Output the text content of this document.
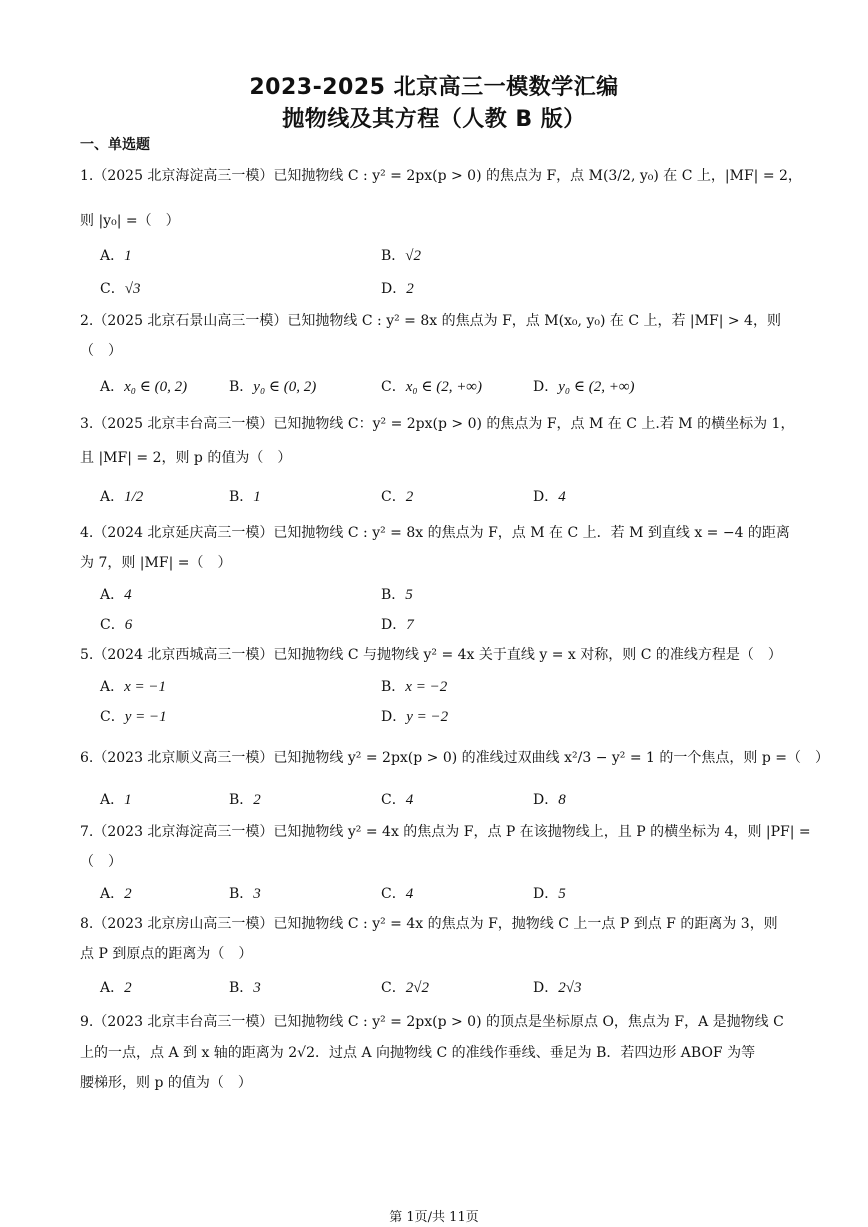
2023-2025 北京高三一模数学汇编
抛物线及其方程（人教 B 版）
一、单选题
1.（2025 北京海淀高三一模）已知抛物线 C : y² = 2px(p > 0) 的焦点为 F，点 M(3/2, y₀) 在 C 上，|MF| = 2，
则 |y₀| =（　）
A．1	B．√2
C．√3	D．2
2.（2025 北京石景山高三一模）已知抛物线 C : y² = 8x 的焦点为 F，点 M(x₀, y₀) 在 C 上，若 |MF| > 4，则
（　）
A．x₀ ∈ (0, 2)	B．y₀ ∈ (0, 2)	C．x₀ ∈ (2, +∞)	D．y₀ ∈ (2, +∞)
3.（2025 北京丰台高三一模）已知抛物线 C：y² = 2px(p > 0) 的焦点为 F，点 M 在 C 上.若 M 的横坐标为 1，
且 |MF| = 2，则 p 的值为（　）
A．1/2	B．1	C．2	D．4
4.（2024 北京延庆高三一模）已知抛物线 C : y² = 8x 的焦点为 F，点 M 在 C 上．若 M 到直线 x = −4 的距离
为 7，则 |MF| =（　）
A．4	B．5
C．6	D．7
5.（2024 北京西城高三一模）已知抛物线 C 与抛物线 y² = 4x 关于直线 y = x 对称，则 C 的准线方程是（　）
A．x = −1	B．x = −2
C．y = −1	D．y = −2
6.（2023 北京顺义高三一模）已知抛物线 y² = 2px(p > 0) 的准线过双曲线 x²/3 − y² = 1 的一个焦点，则 p =（　）
A．1	B．2	C．4	D．8
7.（2023 北京海淀高三一模）已知抛物线 y² = 4x 的焦点为 F，点 P 在该抛物线上，且 P 的横坐标为 4，则 |PF| =
（　）
A．2	B．3	C．4	D．5
8.（2023 北京房山高三一模）已知抛物线 C : y² = 4x 的焦点为 F，抛物线 C 上一点 P 到点 F 的距离为 3，则
点 P 到原点的距离为（　）
A．2	B．3	C．2√2	D．2√3
9.（2023 北京丰台高三一模）已知抛物线 C : y² = 2px(p > 0) 的顶点是坐标原点 O，焦点为 F，A 是抛物线 C
上的一点，点 A 到 x 轴的距离为 2√2．过点 A 向抛物线 C 的准线作垂线、垂足为 B．若四边形 ABOF 为等
腰梯形，则 p 的值为（　）
第 1页/共 11页
